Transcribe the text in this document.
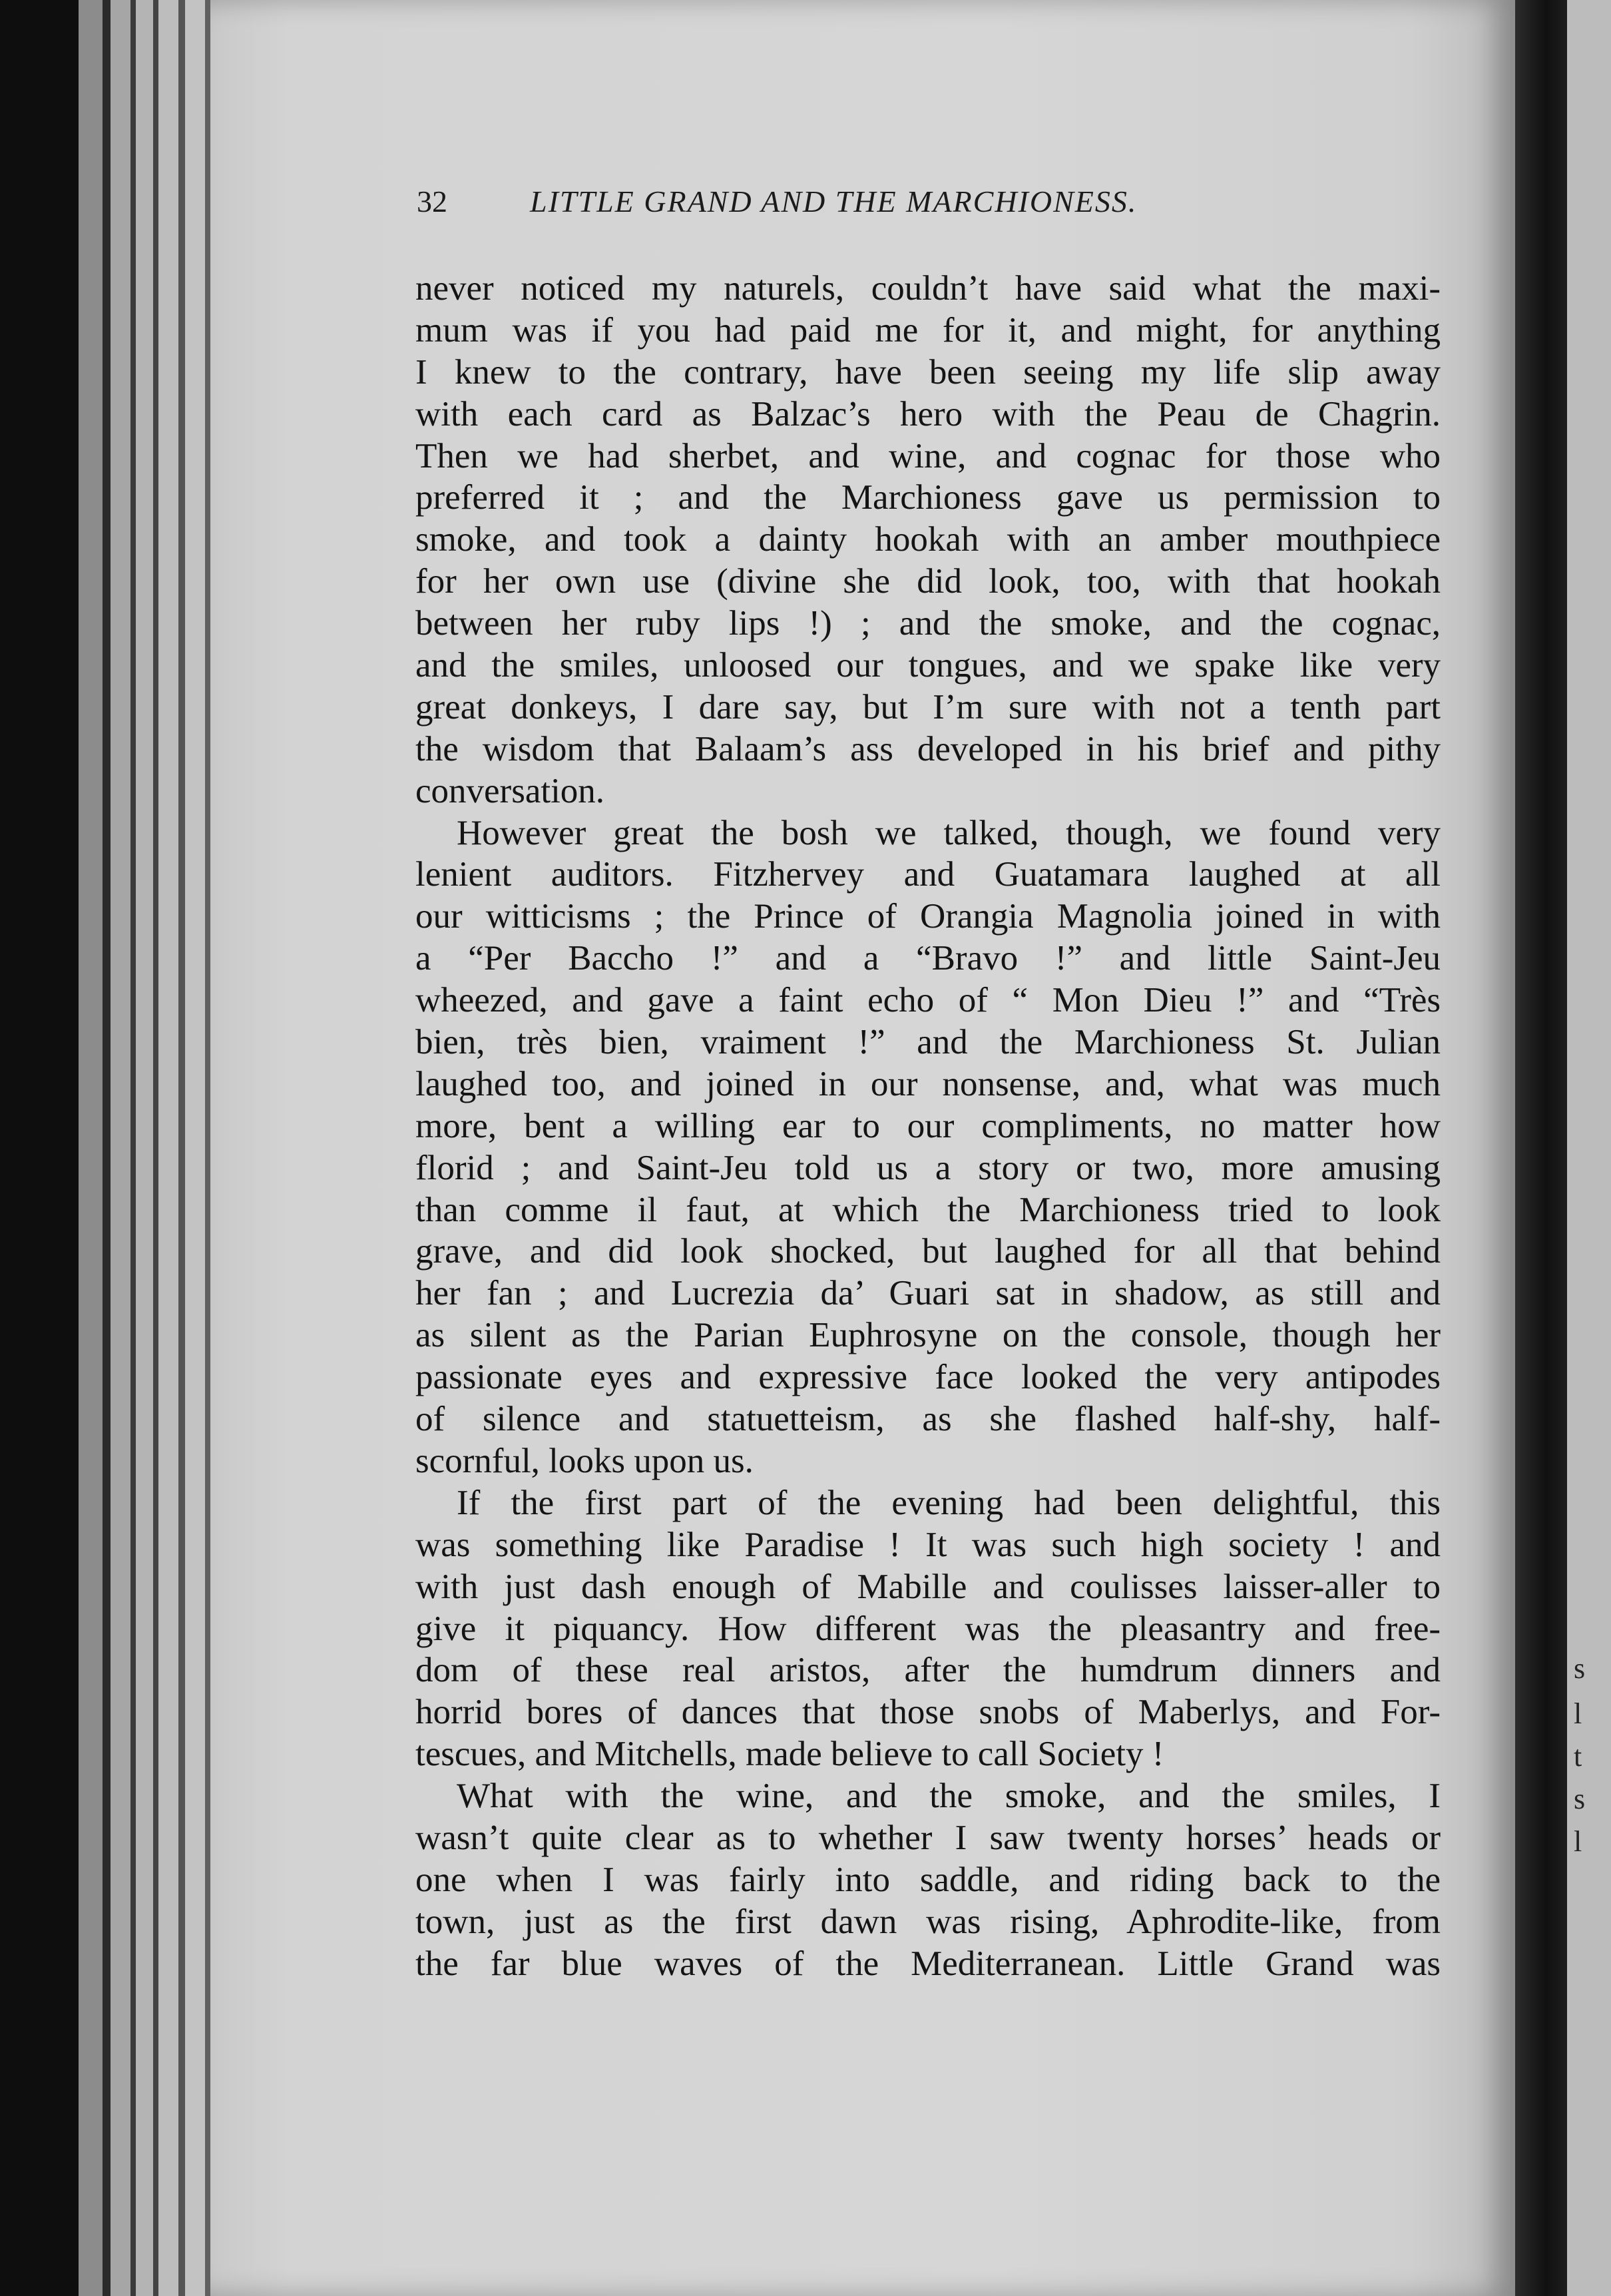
32	LITTLE GRAND AND THE MARCHIONESS.
never noticed my naturels, couldn’t have said what the maxi-
mum was if you had paid me for it, and might, for anything
I knew to the contrary, have been seeing my life slip away
with each card as Balzac’s hero with the Peau de Chagrin.
Then we had sherbet, and wine, and cognac for those who
preferred it ; and the Marchioness gave us permission to
smoke, and took a dainty hookah with an amber mouthpiece
for her own use (divine she did look, too, with that hookah
between her ruby lips !) ; and the smoke, and the cognac,
and the smiles, unloosed our tongues, and we spake like very
great donkeys, I dare say, but I’m sure with not a tenth part
the wisdom that Balaam’s ass developed in his brief and pithy
conversation.
However great the bosh we talked, though, we found very
lenient auditors. Fitzhervey and Guatamara laughed at all
our witticisms ; the Prince of Orangia Magnolia joined in with
a “Per Baccho !” and a “Bravo !” and little Saint-Jeu
wheezed, and gave a faint echo of “ Mon Dieu !” and “Très
bien, très bien, vraiment !” and the Marchioness St. Julian
laughed too, and joined in our nonsense, and, what was much
more, bent a willing ear to our compliments, no matter how
florid ; and Saint-Jeu told us a story or two, more amusing
than comme il faut, at which the Marchioness tried to look
grave, and did look shocked, but laughed for all that behind
her fan ; and Lucrezia da’ Guari sat in shadow, as still and
as silent as the Parian Euphrosyne on the console, though her
passionate eyes and expressive face looked the very antipodes
of silence and statuetteism, as she flashed half-shy, half-
scornful, looks upon us.
If the first part of the evening had been delightful, this
was something like Paradise ! It was such high society ! and
with just dash enough of Mabille and coulisses laisser-aller to
give it piquancy. How different was the pleasantry and free-
dom of these real aristos, after the humdrum dinners and
horrid bores of dances that those snobs of Maberlys, and For-
tescues, and Mitchells, made believe to call Society !
What with the wine, and the smoke, and the smiles, I
wasn’t quite clear as to whether I saw twenty horses’ heads or
one when I was fairly into saddle, and riding back to the
town, just as the first dawn was rising, Aphrodite-like, from
the far blue waves of the Mediterranean. Little Grand was
s
l
t
s
l
